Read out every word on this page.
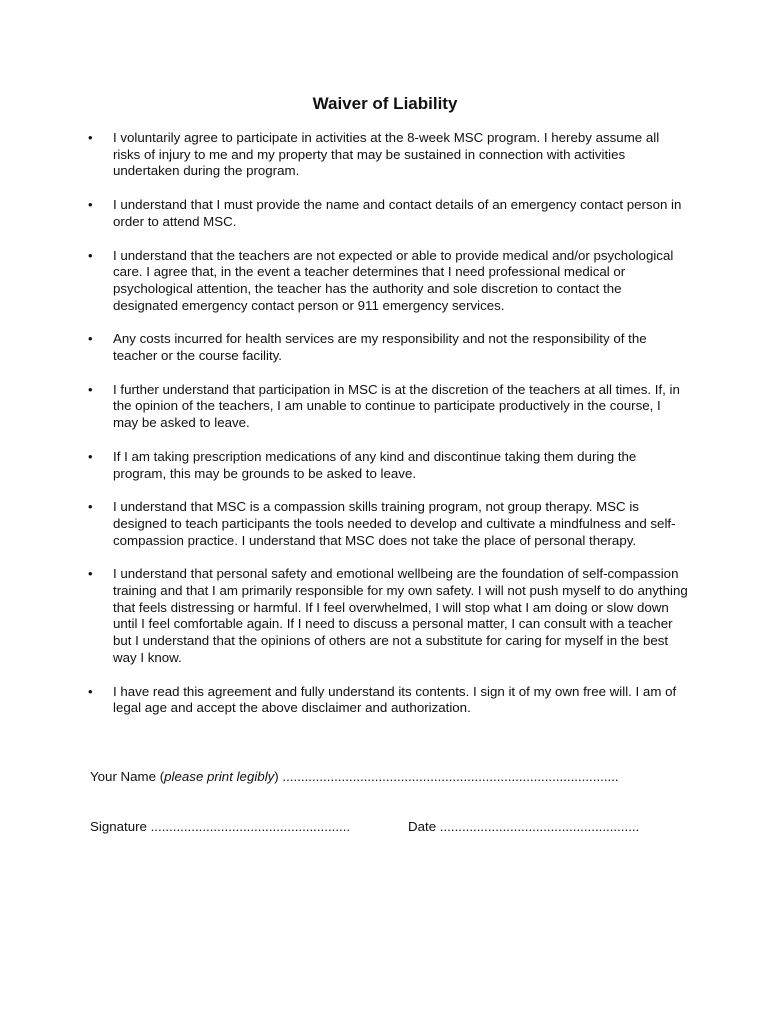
Waiver of Liability
•	I voluntarily agree to participate in activities at the 8-week MSC program. I hereby assume all risks of injury to me and my property that may be sustained in connection with activities undertaken during the program.
•	I understand that I must provide the name and contact details of an emergency contact person in order to attend MSC.
•	I understand that the teachers are not expected or able to provide medical and/or psychological care. I agree that, in the event a teacher determines that I need professional medical or psychological attention, the teacher has the authority and sole discretion to contact the designated emergency contact person or 911 emergency services.
•	Any costs incurred for health services are my responsibility and not the responsibility of the teacher or the course facility.
•	I further understand that participation in MSC is at the discretion of the teachers at all times. If, in the opinion of the teachers, I am unable to continue to participate productively in the course, I may be asked to leave.
•	If I am taking prescription medications of any kind and discontinue taking them during the program, this may be grounds to be asked to leave.
•	I understand that MSC is a compassion skills training program, not group therapy. MSC is designed to teach participants the tools needed to develop and cultivate a mindfulness and self-compassion practice. I understand that MSC does not take the place of personal therapy.
•	I understand that personal safety and emotional wellbeing are the foundation of self-compassion training and that I am primarily responsible for my own safety. I will not push myself to do anything that feels distressing or harmful. If I feel overwhelmed, I will stop what I am doing or slow down until I feel comfortable again. If I need to discuss a personal matter, I can consult with a teacher but I understand that the opinions of others are not a substitute for caring for myself in the best way I know.
•	I have read this agreement and fully understand its contents. I sign it of my own free will. I am of legal age and accept the above disclaimer and authorization.
Your Name (please print legibly) ...........................................................................................
Signature ......................................................	Date ......................................................
